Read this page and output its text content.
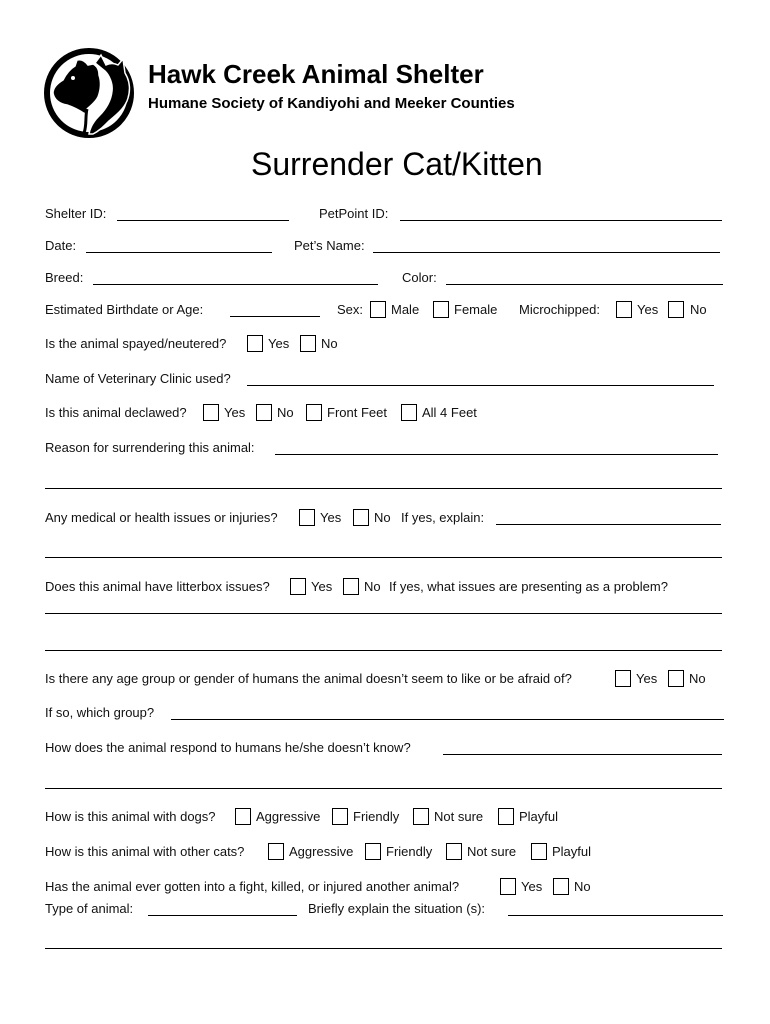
Hawk Creek Animal Shelter
Humane Society of Kandiyohi and Meeker Counties
Surrender Cat/Kitten
Shelter ID:	PetPoint ID:
Date:	Pet’s Name:
Breed:	Color:
Estimated Birthdate or Age:	Sex: Male	Female Microchipped:	Yes No
Is the animal spayed/neutered?	Yes No
Name of Veterinary Clinic used?
Is this animal declawed?	Yes No	Front Feet	All 4 Feet
Reason for surrendering this animal:
Any medical or health issues or injuries?	Yes	No If yes, explain:
Does this animal have litterbox issues?	Yes No If yes, what issues are presenting as a problem?
Is there any age group or gender of humans the animal doesn’t seem to like or be afraid of?	Yes No
If so, which group?
How does the animal respond to humans he/she doesn’t know?
How is this animal with dogs?	Aggressive	Friendly	Not sure	Playful
How is this animal with other cats?	Aggressive	Friendly	Not sure	Playful
Has the animal ever gotten into a fight, killed, or injured another animal?	Yes No
Type of animal:	Briefly explain the situation (s):
